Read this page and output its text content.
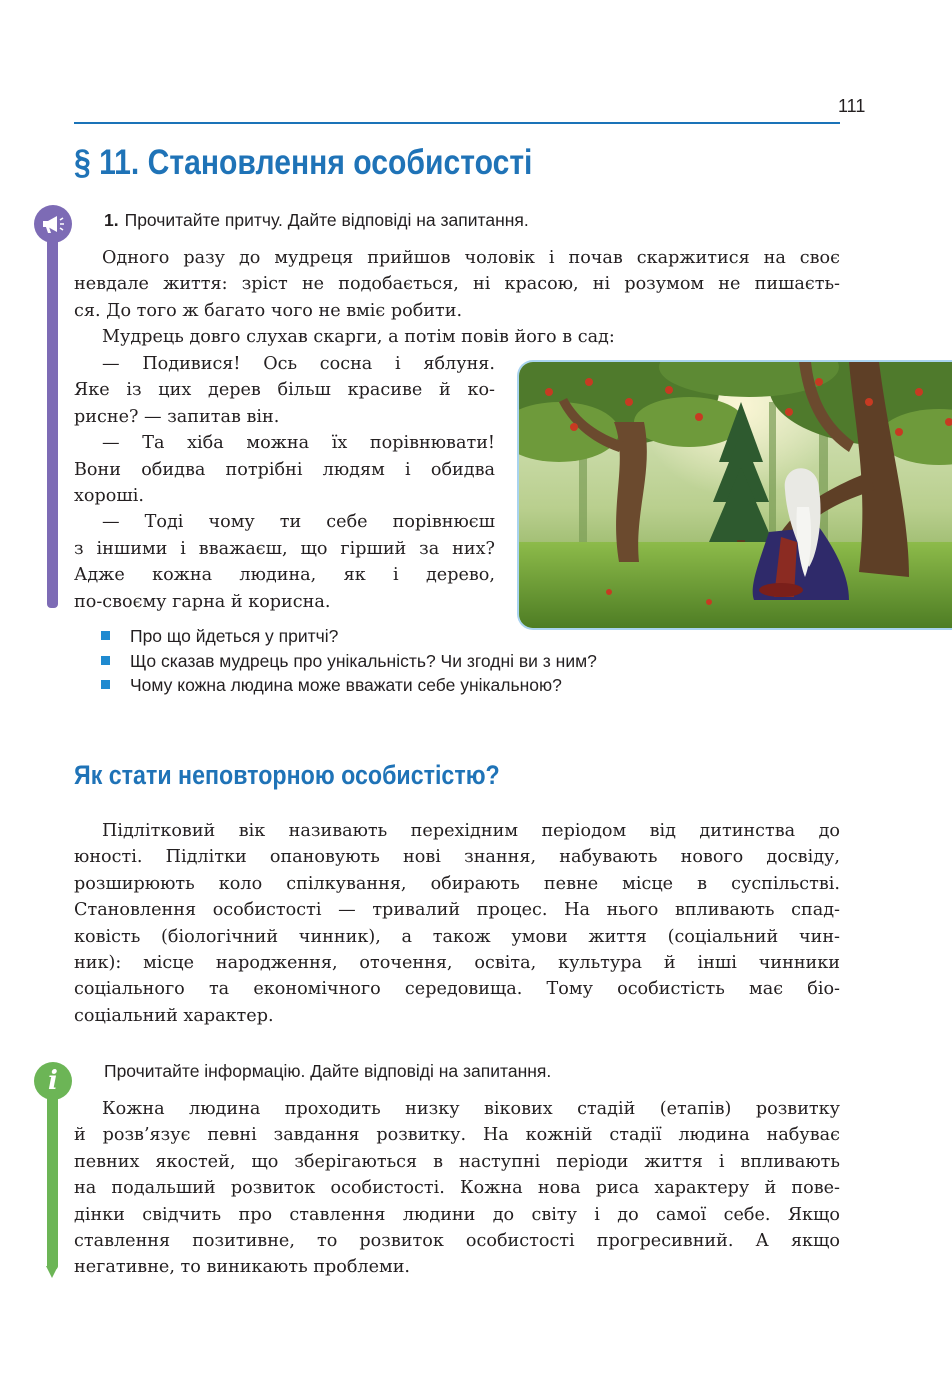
111
§ 11. Становлення особистості
1. Прочитайте притчу. Дайте відповіді на запитання.

Одного разу до мудреця прийшов чоловік і почав скаржитися на своє

невдале життя: зріст не подобається, ні красою, ні розумом не пишаєть-

ся. До того ж багато чого не вміє робити.

Мудрець довго слухав скарги, а потім повів його в сад:

— Подивися! Ось сосна і яблуня.

Яке із цих дерев більш красиве й ко-

рисне? — запитав він.

— Та хіба можна їх порівнювати!

Вони обидва потрібні людям і обидва

хороші.

— Тоді чому ти себе порівнюєш

з іншими і вважаєш, що гірший за них?

Адже кожна людина, як і дерево,

по-своєму гарна й корисна.

Про що йдеться у притчі?
Що сказав мудрець про унікальність? Чи згодні ви з ним?
Чому кожна людина може вважати себе унікальною?
Як стати неповторною особистістю?

Підлітковий вік називають перехідним періодом від дитинства до

юності. Підлітки опановують нові знання, набувають нового досвіду,

розширюють коло спілкування, обирають певне місце в суспільстві.

Становлення особистості — тривалий процес. На нього впливають спад-

ковість (біологічний чинник), а також умови життя (соціальний чин-

ник): місце народження, оточення, освіта, культура й інші чинники

соціального та економічного середовища. Тому особистість має біо-

соціальний характер.

i	Прочитайте інформацію. Дайте відповіді на запитання.

Кожна людина проходить низку вікових стадій (етапів) розвитку

й розв’язує певні завдання розвитку. На кожній стадії людина набуває

певних якостей, що зберігаються в наступні періоди життя і впливають

на подальший розвиток особистості. Кожна нова риса характеру й пове-

дінки свідчить про ставлення людини до світу і до самої себе. Якщо

ставлення позитивне, то розвиток особистості прогресивний. А якщо

негативне, то виникають проблеми.
